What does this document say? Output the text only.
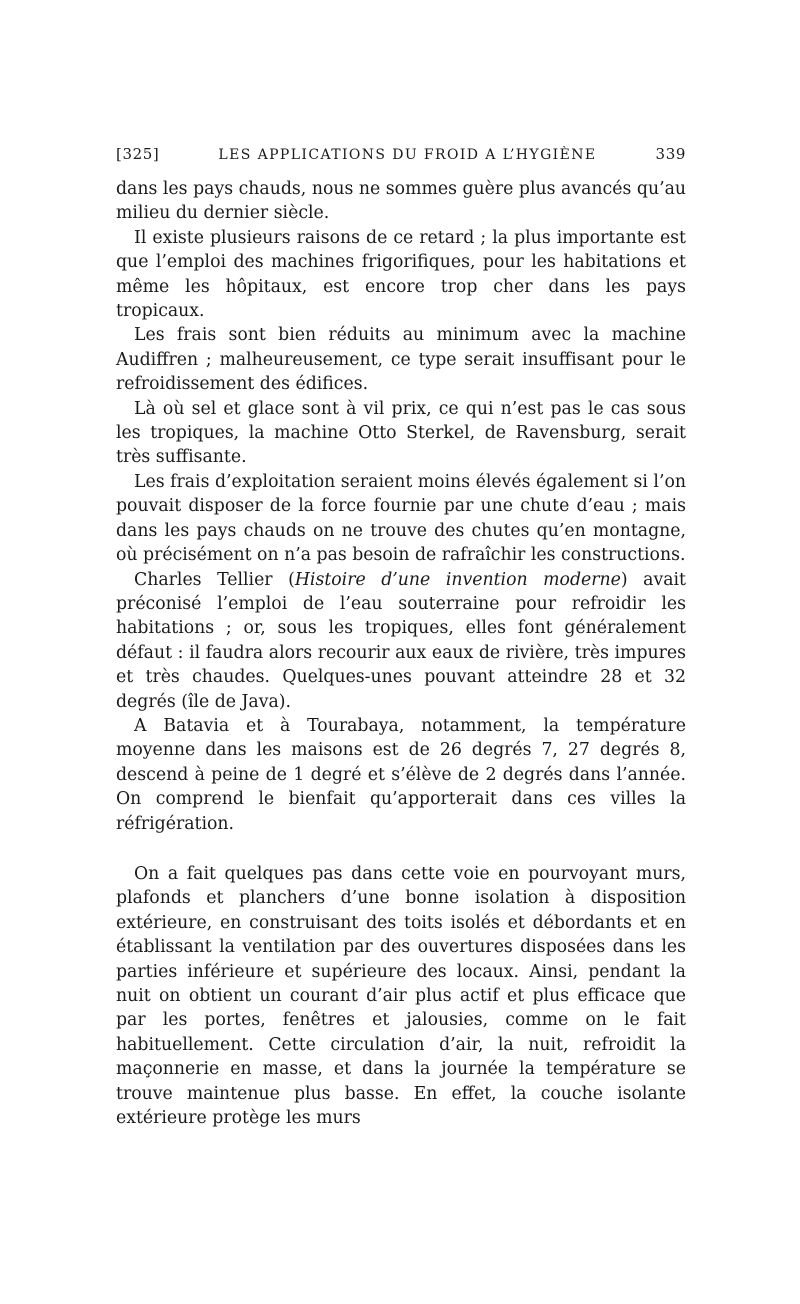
[325]	LES APPLICATIONS DU FROID A L’HYGIÈNE	339

dans les pays chauds, nous ne sommes guère plus avancés qu’au milieu du dernier siècle.

Il existe plusieurs raisons de ce retard ; la plus importante est que l’emploi des machines frigorifiques, pour les habitations et même les hôpitaux, est encore trop cher dans les pays tropicaux.

Les frais sont bien réduits au minimum avec la machine Audiffren ; malheureusement, ce type serait insuffisant pour le refroidissement des édifices.

Là où sel et glace sont à vil prix, ce qui n’est pas le cas sous les tropiques, la machine Otto Sterkel, de Ravensburg, serait très suffisante.

Les frais d’exploitation seraient moins élevés également si l’on pouvait disposer de la force fournie par une chute d’eau ; mais dans les pays chauds on ne trouve des chutes qu’en montagne, où précisément on n’a pas besoin de rafraîchir les constructions.

Charles Tellier (Histoire d’une invention moderne) avait préconisé l’emploi de l’eau souterraine pour refroidir les habitations ; or, sous les tropiques, elles font généralement défaut : il faudra alors recourir aux eaux de rivière, très impures et très chaudes. Quelques-unes pouvant atteindre 28 et 32 degrés (île de Java).

A Batavia et à Tourabaya, notamment, la température moyenne dans les maisons est de 26 degrés 7, 27 degrés 8, descend à peine de 1 degré et s’élève de 2 degrés dans l’année. On comprend le bienfait qu’apporterait dans ces villes la réfrigération.

On a fait quelques pas dans cette voie en pourvoyant murs, plafonds et planchers d’une bonne isolation à disposition extérieure, en construisant des toits isolés et débordants et en établissant la ventilation par des ouvertures disposées dans les parties inférieure et supérieure des locaux. Ainsi, pendant la nuit on obtient un courant d’air plus actif et plus efficace que par les portes, fenêtres et jalousies, comme on le fait habituellement. Cette circulation d’air, la nuit, refroidit la maçonnerie en masse, et dans la journée la température se trouve maintenue plus basse. En effet, la couche isolante extérieure protège les murs
